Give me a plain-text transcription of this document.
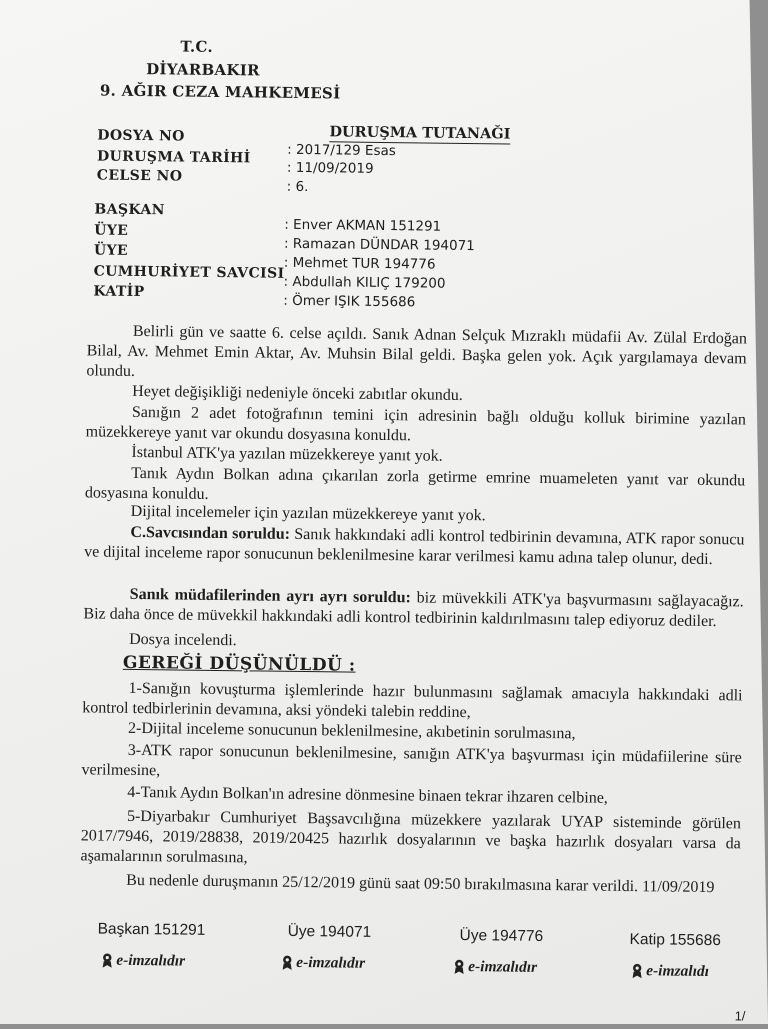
T.C.
DİYARBAKIR
9. AĞIR CEZA MAHKEMESİ
DURUŞMA TUTANAĞI
DOSYA NO
: 2017/129 Esas
DURUŞMA TARİHİ
: 11/09/2019
CELSE NO
: 6.
BAŞKAN
: Enver AKMAN 151291
ÜYE
: Ramazan DÜNDAR 194071
ÜYE
: Mehmet TUR 194776
CUMHURİYET SAVCISI
: Abdullah KILIÇ 179200
KATİP
: Ömer IŞIK 155686
Belirli gün ve saatte 6. celse açıldı. Sanık Adnan Selçuk Mızraklı müdafii Av. Zülal Erdoğan Bilal, Av. Mehmet Emin Aktar, Av. Muhsin Bilal geldi. Başka gelen yok. Açık yargılamaya devam olundu.
Heyet değişikliği nedeniyle önceki zabıtlar okundu.
Sanığın 2 adet fotoğrafının temini için adresinin bağlı olduğu kolluk birimine yazılan müzekkereye yanıt var okundu dosyasına konuldu.
İstanbul ATK'ya yazılan müzekkereye yanıt yok.
Tanık Aydın Bolkan adına çıkarılan zorla getirme emrine muameleten yanıt var okundu dosyasına konuldu.
Dijital incelemeler için yazılan müzekkereye yanıt yok.
C.Savcısından soruldu: Sanık hakkındaki adli kontrol tedbirinin devamına, ATK rapor sonucu ve dijital inceleme rapor sonucunun beklenilmesine karar verilmesi kamu adına talep olunur, dedi.
Sanık müdafilerinden ayrı ayrı soruldu: biz müvekkili ATK'ya başvurmasını sağlayacağız. Biz daha önce de müvekkil hakkındaki adli kontrol tedbirinin kaldırılmasını talep ediyoruz dediler.
Dosya incelendi.
GEREĞİ DÜŞÜNÜLDÜ :
1-Sanığın kovuşturma işlemlerinde hazır bulunmasını sağlamak amacıyla hakkındaki adli kontrol tedbirlerinin devamına, aksi yöndeki talebin reddine,
2-Dijital inceleme sonucunun beklenilmesine, akıbetinin sorulmasına,
3-ATK rapor sonucunun beklenilmesine, sanığın ATK'ya başvurması için müdafiilerine süre verilmesine,
4-Tanık Aydın Bolkan'ın adresine dönmesine binaen tekrar ihzaren celbine,
5-Diyarbakır Cumhuriyet Başsavcılığına müzekkere yazılarak UYAP sisteminde görülen 2017/7946, 2019/28838, 2019/20425 hazırlık dosyalarının ve başka hazırlık dosyaları varsa da aşamalarının sorulmasına,
Bu nedenle duruşmanın 25/12/2019 günü saat 09:50 bırakılmasına karar verildi. 11/09/2019
Başkan 151291	Üye 194071	Üye 194776	Katip 155686
e-imzalıdır	e-imzalıdır	e-imzalıdır	e-imzalıdı
1/
